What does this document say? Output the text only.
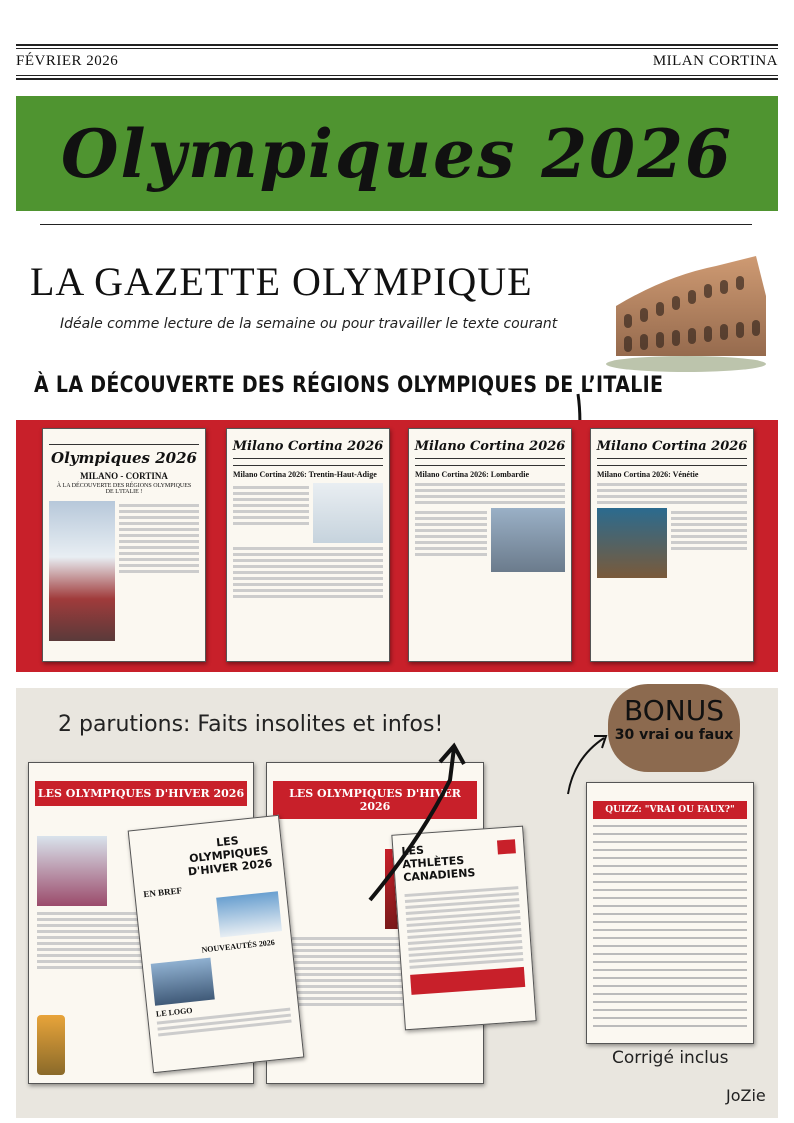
FÉVRIER 2026	MILAN CORTINA
Olympiques 2026
LA GAZETTE OLYMPIQUE
Idéale comme lecture de la semaine ou pour travailler le texte courant
À LA DÉCOUVERTE DES RÉGIONS OLYMPIQUES DE L’ITALIE
Olympiques 2026
MILANO - CORTINA
À LA DÉCOUVERTE DES RÉGIONS OLYMPIQUES DE L'ITALIE !
Milano Cortina 2026
Milano Cortina 2026: Trentin-Haut-Adige
Milano Cortina 2026
Milano Cortina 2026: Lombardie
Milano Cortina 2026
Milano Cortina 2026: Vénétie
2 parutions: Faits insolites et infos!	BONUS
30 vrai ou faux
LES OLYMPIQUES D'HIVER 2026	LES OLYMPIQUES D'HIVER 2026
LES OLYMPIQUES D'HIVER 2026
EN BREF
NOUVEAUTÉS 2026
LE LOGO
LES ATHLÈTES CANADIENS
QUIZZ: "VRAI OU FAUX?"
Corrigé inclus
JoZie
